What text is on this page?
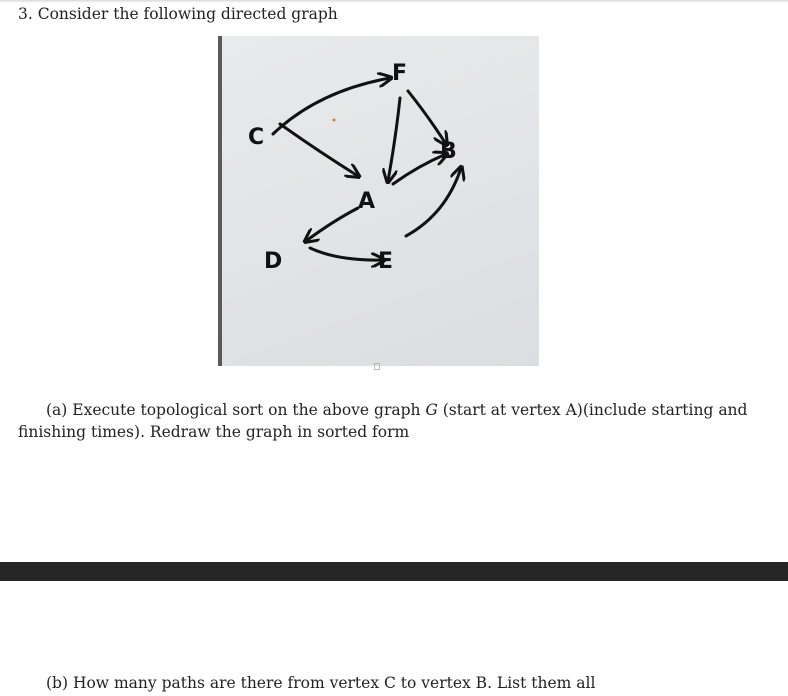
3. Consider the following directed graph
C
F
A
B
D	E
(a) Execute topological sort on the above graph G (start at vertex A)(include starting and finishing times). Redraw the graph in sorted form
(b) How many paths are there from vertex C to vertex B. List them all
